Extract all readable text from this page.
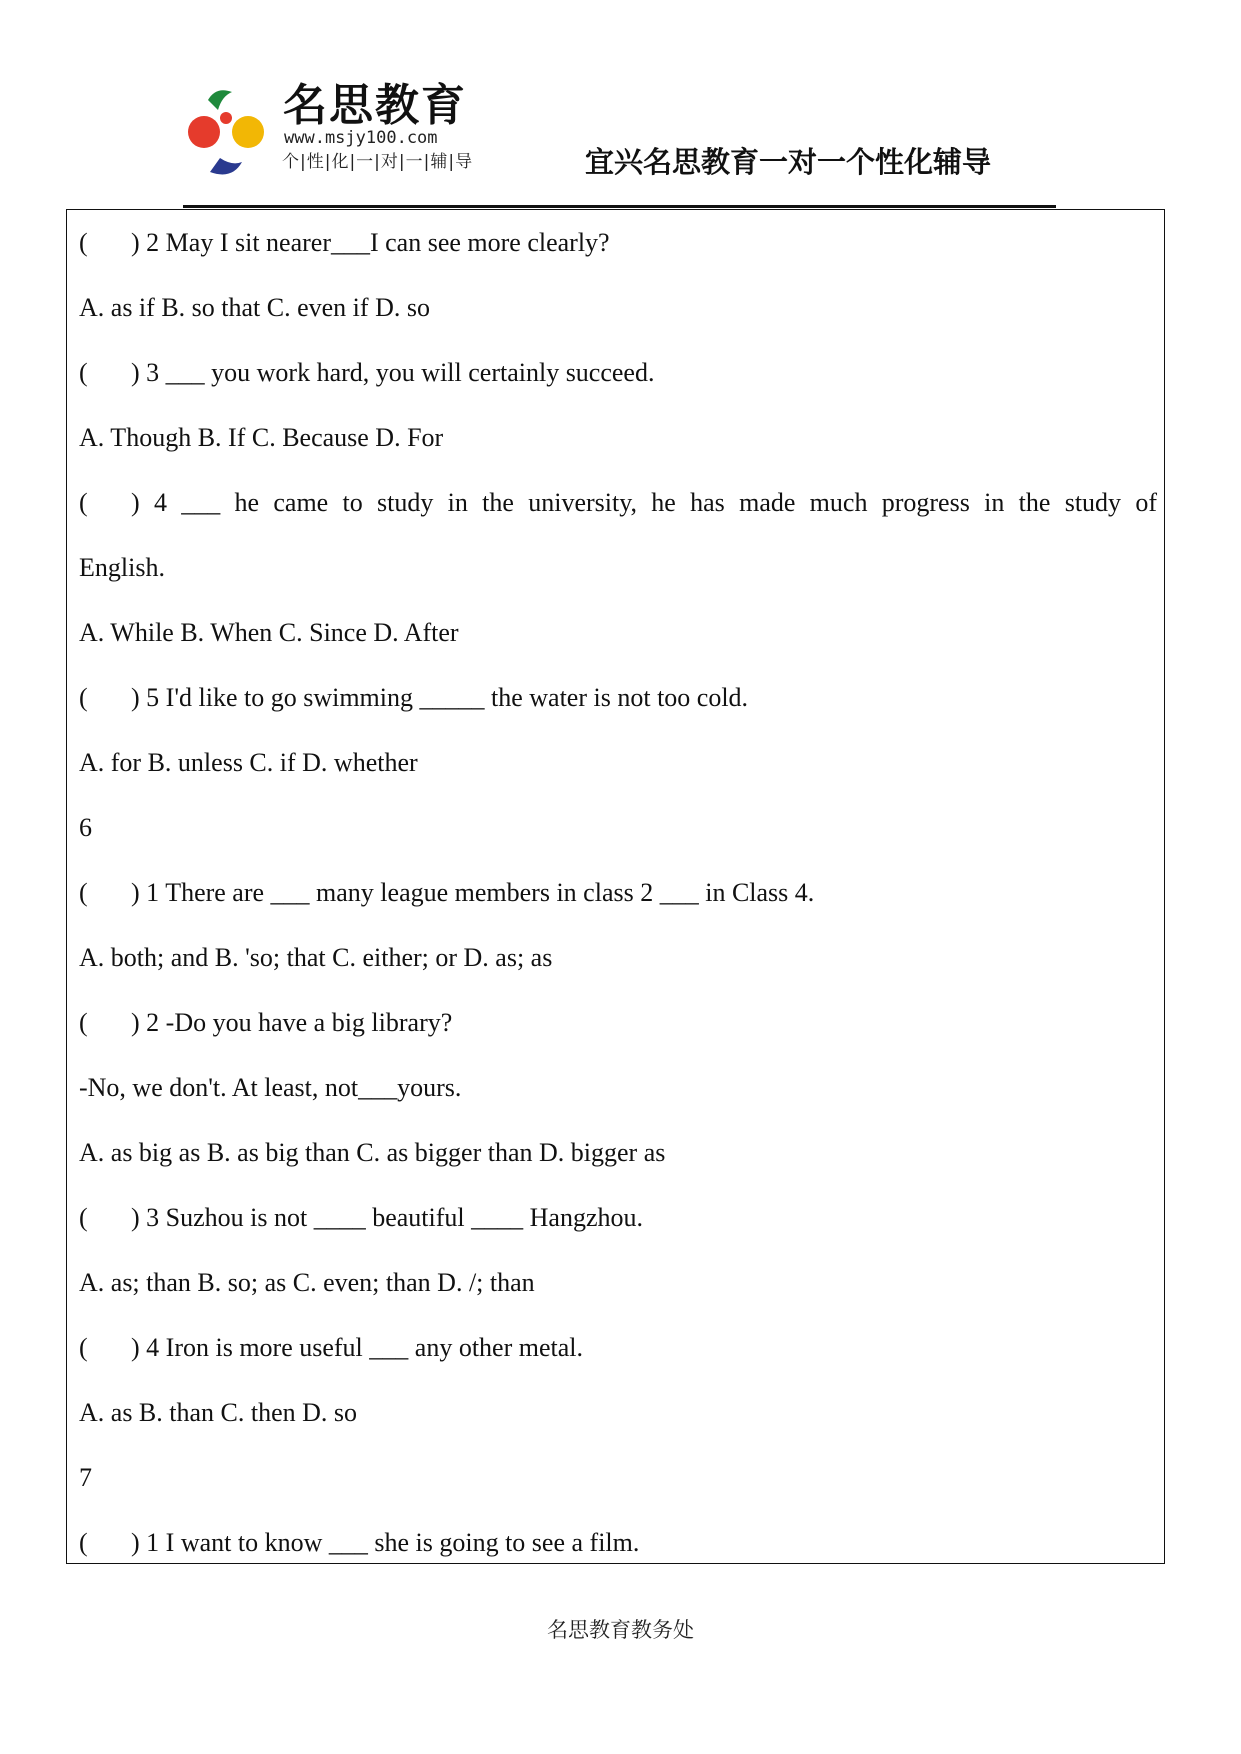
名思教育
www.msjy100.com
个|性|化|一|对|一|辅|导	宜兴名思教育一对一个性化辅导
(	) 2 May I sit nearer___I can see more clearly?
A. as if B. so that C. even if D. so
(	) 3 ___ you work hard, you will certainly succeed.
A. Though B. If C. Because D. For
(	) 4 ___ he came to study in the university, he has made much progress in the study of
English.
A. While B. When C. Since D. After
(	) 5 I'd like to go swimming _____ the water is not too cold.
A. for B. unless C. if D. whether
6
(	) 1 There are ___ many league members in class 2 ___ in Class 4.
A. both; and B. 'so; that C. either; or D. as; as
(	) 2 -Do you have a big library?
-No, we don't. At least, not___yours.
A. as big as B. as big than C. as bigger than D. bigger as
(	) 3 Suzhou is not ____ beautiful ____ Hangzhou.
A. as; than B. so; as C. even; than D. /; than
(	) 4 Iron is more useful ___ any other metal.
A. as B. than C. then D. so
7
(	) 1 I want to know ___ she is going to see a film.
名思教育教务处
